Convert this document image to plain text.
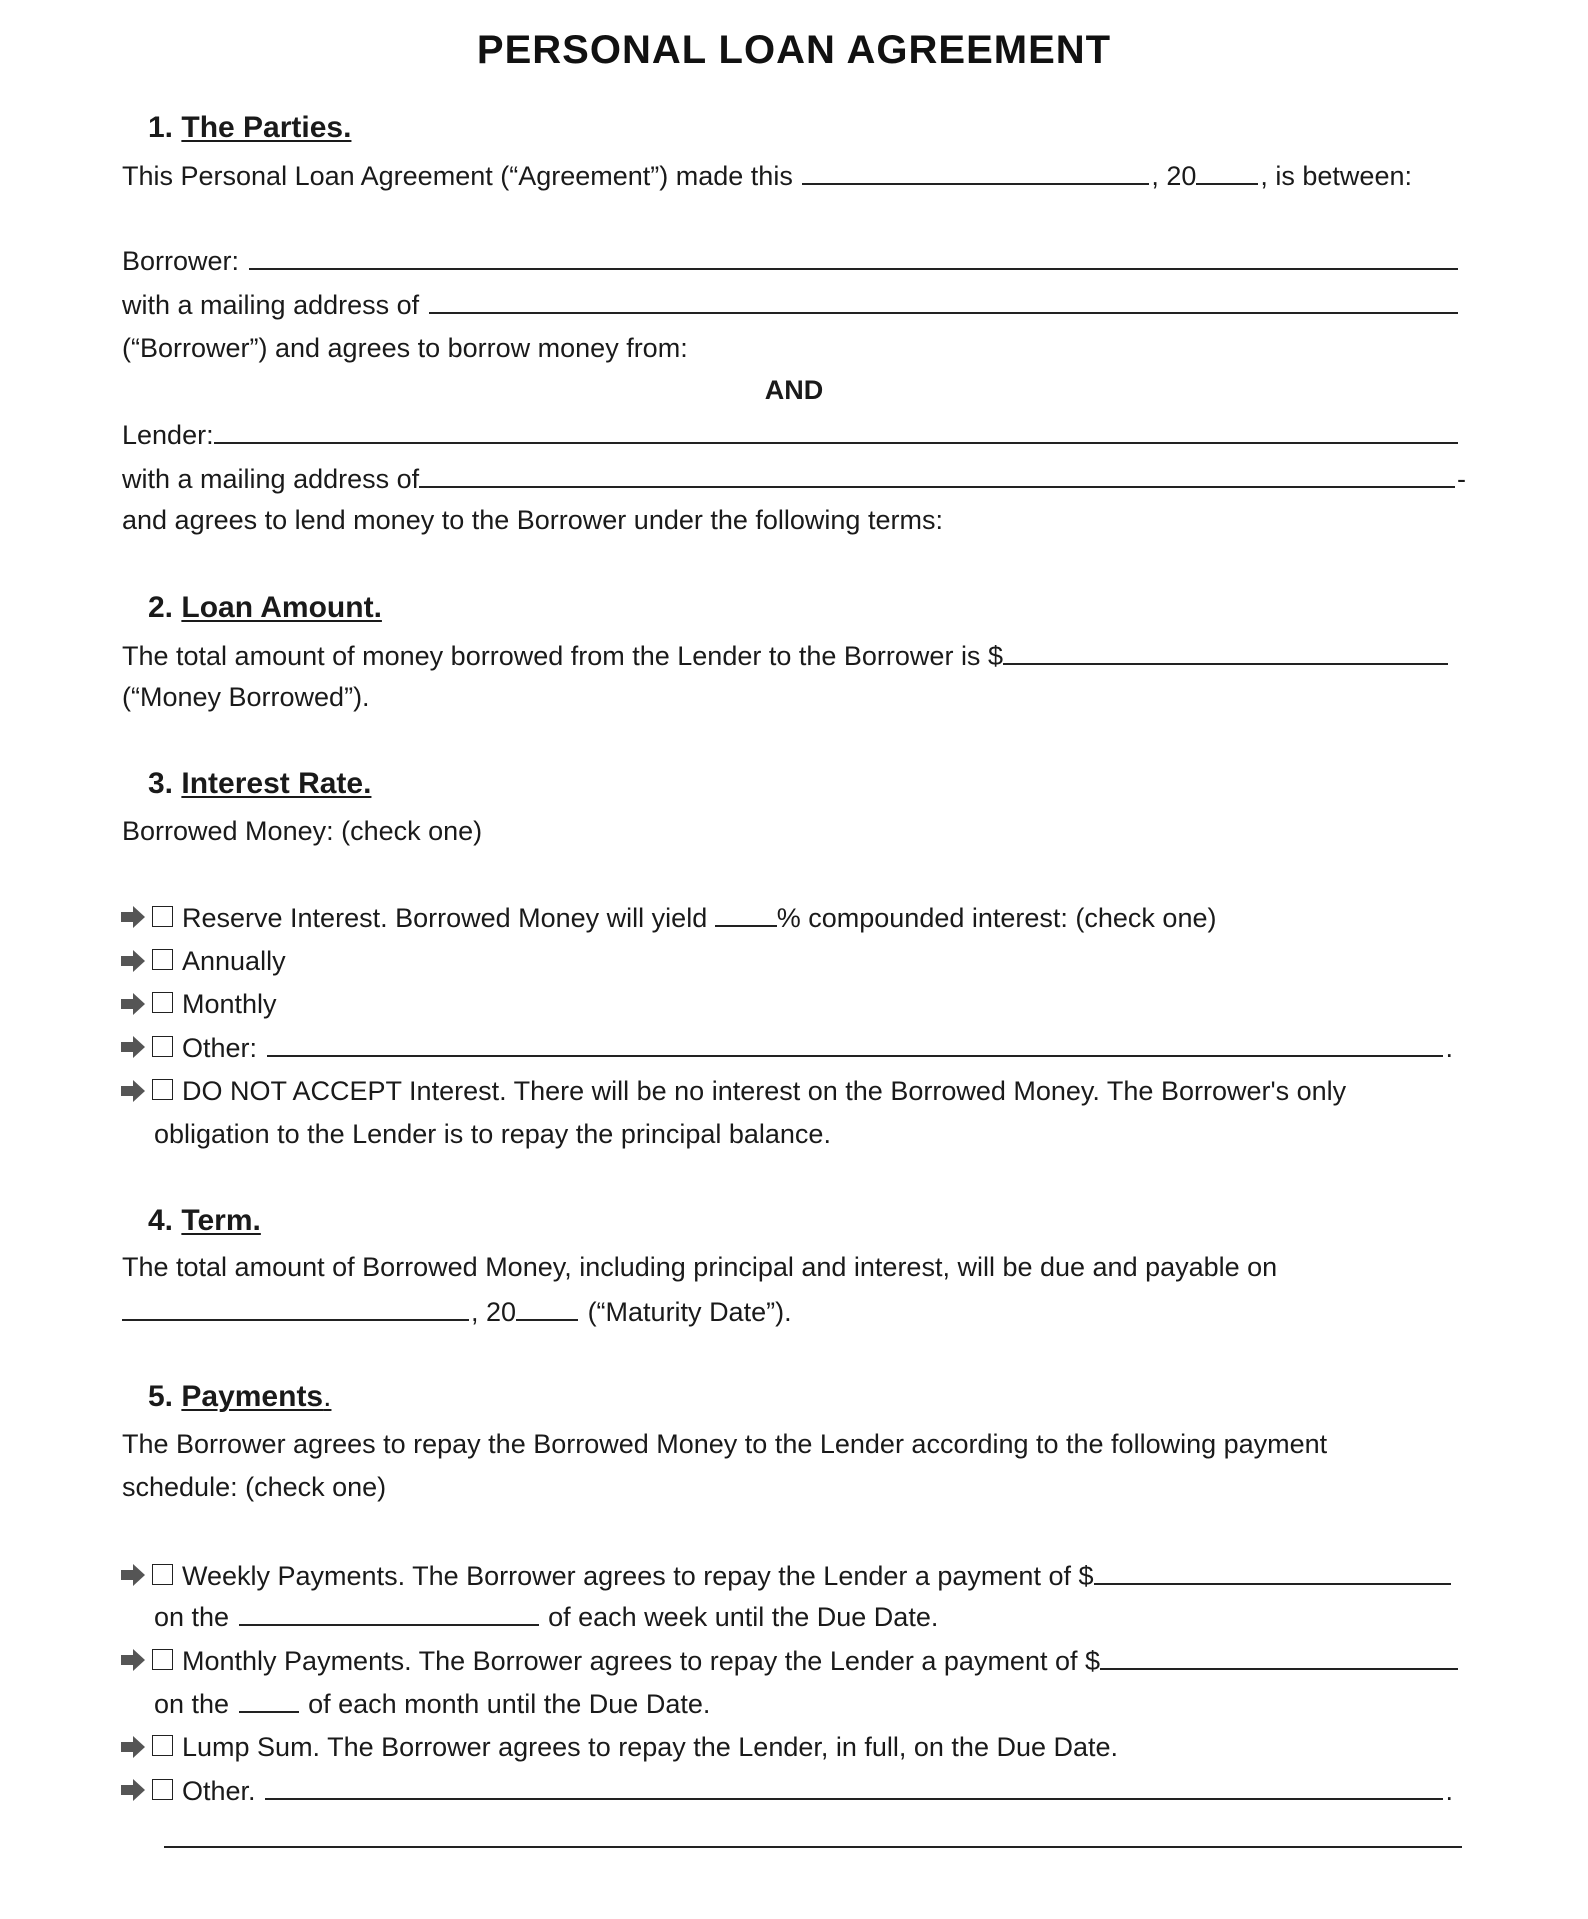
PERSONAL LOAN AGREEMENT
1.
The Parties.
This Personal Loan Agreement (“Agreement”) made this
	, 20 , is between:
Borrower:

with a mailing address of

(“Borrower”) and agrees to borrow money from:
AND
Lender:
with a mailing address of	-
and agrees to lend money to the Borrower under the following terms:
2.
Loan Amount.
The total amount of money borrowed from the Lender to the Borrower is $
(“Money Borrowed”).
3.
Interest Rate.
Borrowed Money: (check one)
Reserve Interest. Borrowed Money will yield
	% compounded interest: (check one)
Annually
Monthly
Other:
	.
DO NOT ACCEPT Interest. There will be no interest on the Borrowed Money. The Borrower's only
obligation to the Lender is to repay the principal balance.
4.
Term.
The total amount of Borrowed Money, including principal and interest, will be due and payable on
, 20
	(“Maturity Date”).
5.
Payments.
The Borrower agrees to repay the Borrowed Money to the Lender according to the following payment
schedule: (check one)
Weekly Payments. The Borrower agrees to repay the Lender a payment of $
on the

	of each week until the Due Date.
Monthly Payments. The Borrower agrees to repay the Lender a payment of $
on the

	of each month until the Due Date.
Lump Sum. The Borrower agrees to repay the Lender, in full, on the Due Date.
Other.
	.
